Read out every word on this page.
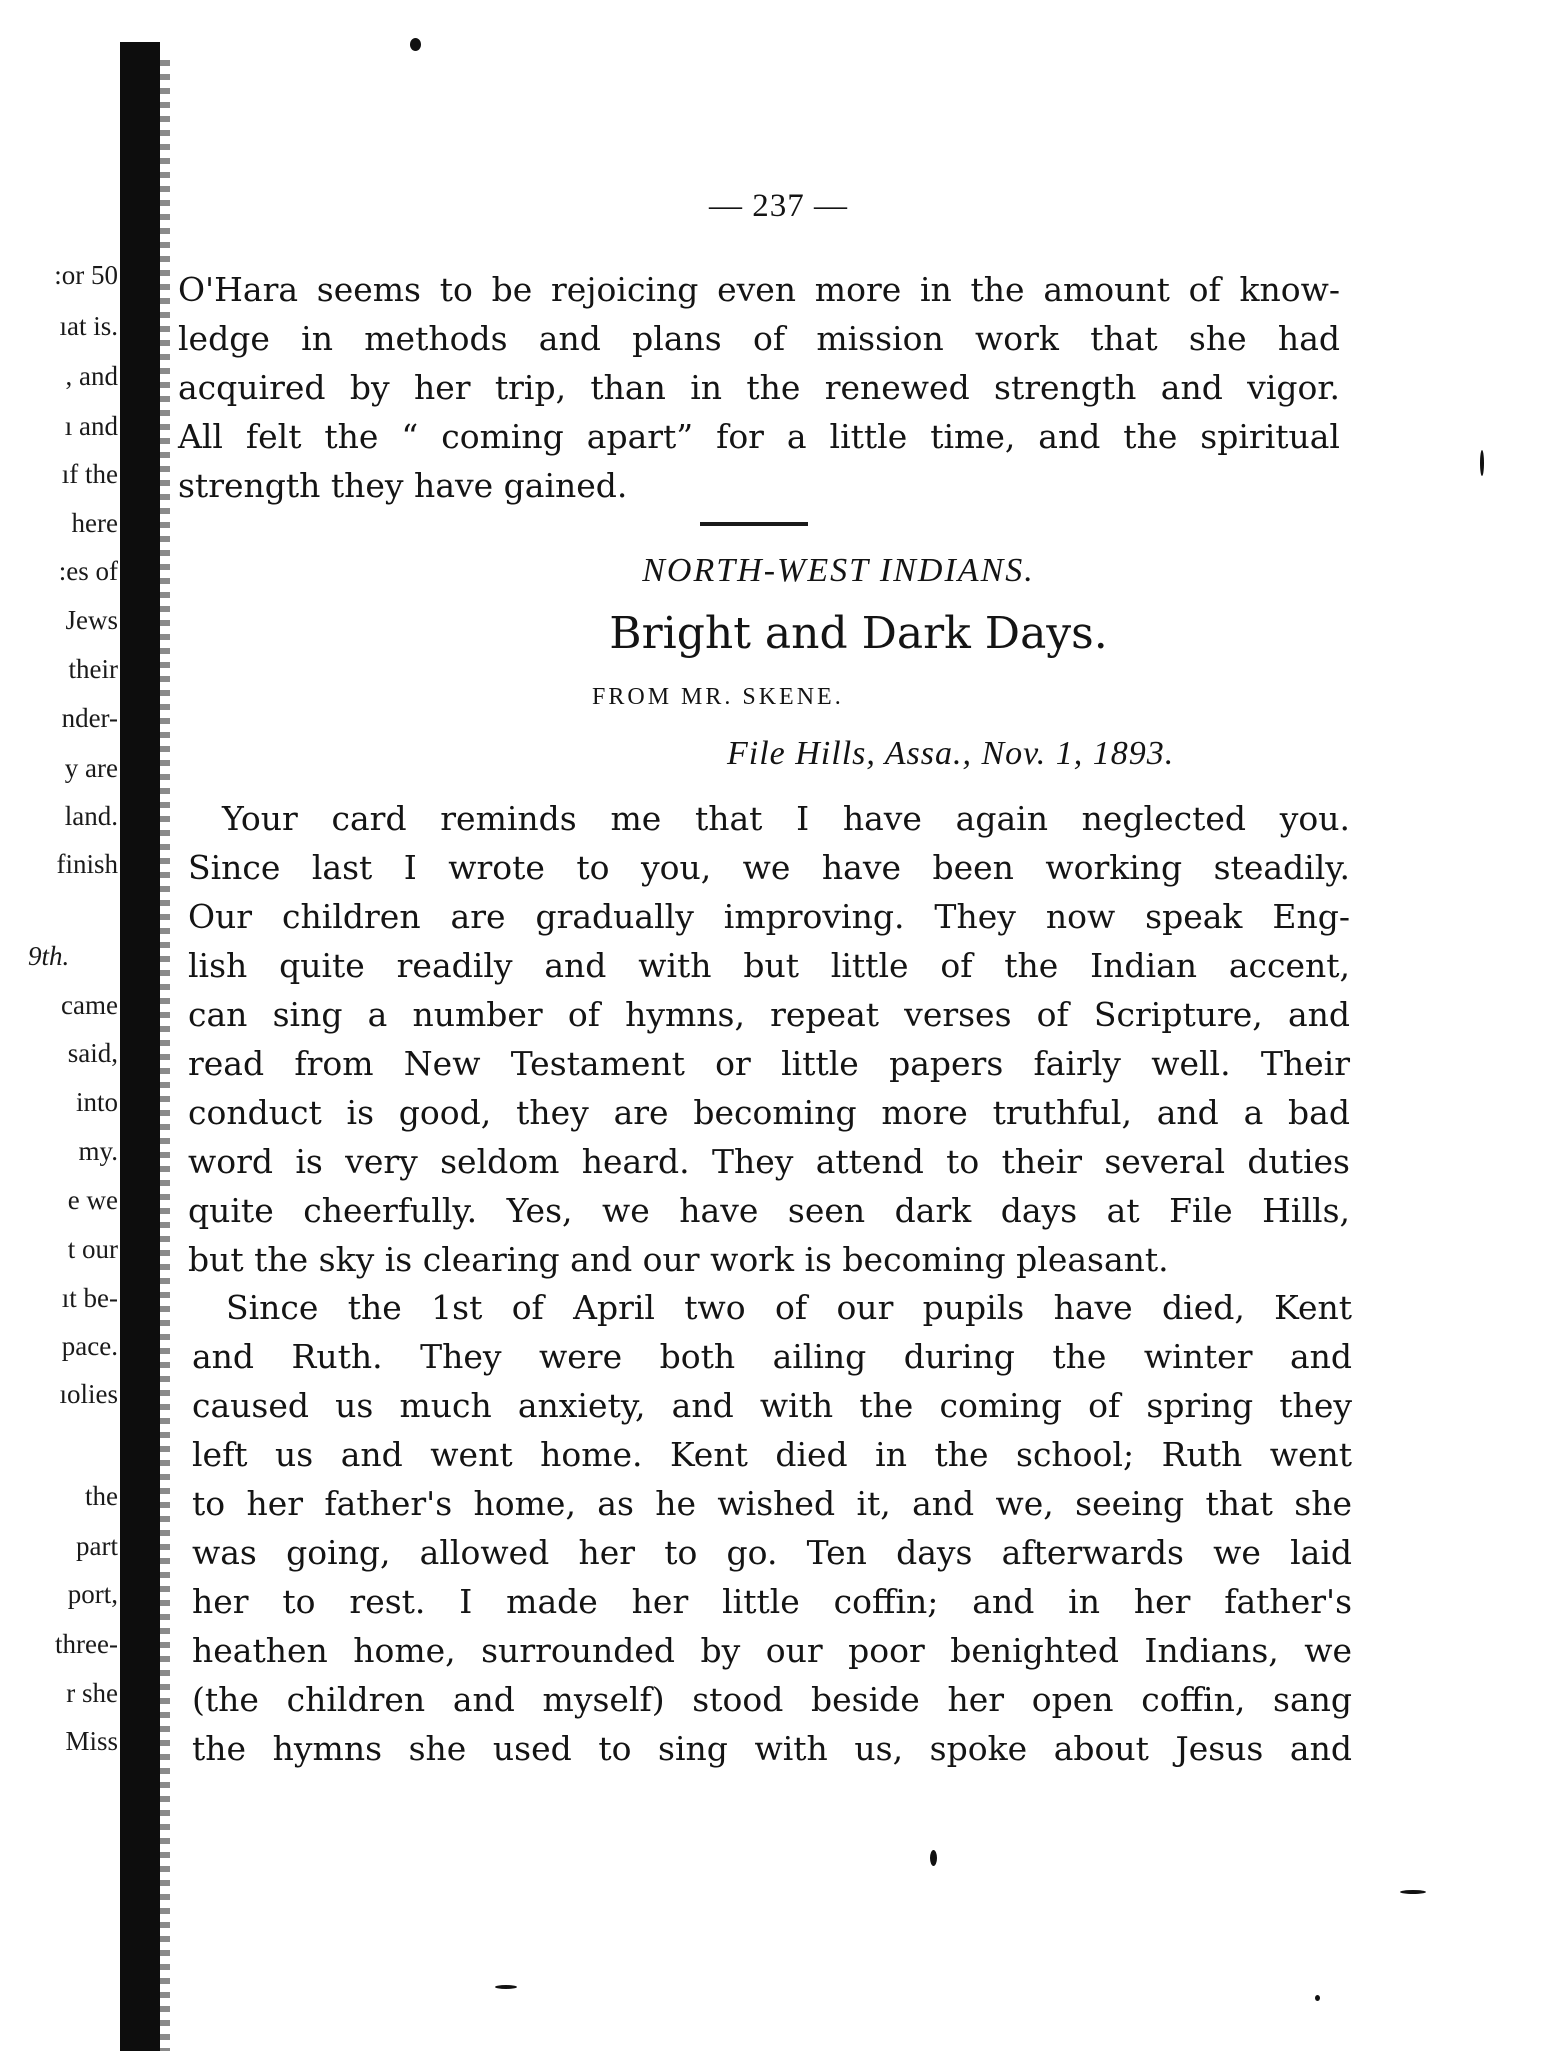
:or 50
ıat is.
, and
ı and
ıf the
here
:es of
Jews
their
nder-
y are
land.
finish
9th.
came
said,
into
my.
e we
t our
ıt be-
pace.
ıolies
the
part
port,
three-
r she
Miss
— 237 —
O'Hara seems to be rejoicing even more in the amount of know-
ledge in methods and plans of mission work that she had
acquired by her trip, than in the renewed strength and vigor.
All felt the “ coming apart” for a little time, and the spiritual
strength they have gained.
NORTH-WEST INDIANS.
Bright and Dark Days.
FROM MR. SKENE.
File Hills, Assa., Nov. 1, 1893.
Your card reminds me that I have again neglected you.
Since last I wrote to you, we have been working steadily.
Our children are gradually improving. They now speak Eng-
lish quite readily and with but little of the Indian accent,
can sing a number of hymns, repeat verses of Scripture, and
read from New Testament or little papers fairly well. Their
conduct is good, they are becoming more truthful, and a bad
word is very seldom heard. They attend to their several duties
quite cheerfully. Yes, we have seen dark days at File Hills,
but the sky is clearing and our work is becoming pleasant.
Since the 1st of April two of our pupils have died, Kent
and Ruth. They were both ailing during the winter and
caused us much anxiety, and with the coming of spring they
left us and went home. Kent died in the school; Ruth went
to her father's home, as he wished it, and we, seeing that she
was going, allowed her to go. Ten days afterwards we laid
her to rest. I made her little coffin; and in her father's
heathen home, surrounded by our poor benighted Indians, we
(the children and myself) stood beside her open coffin, sang
the hymns she used to sing with us, spoke about Jesus and
